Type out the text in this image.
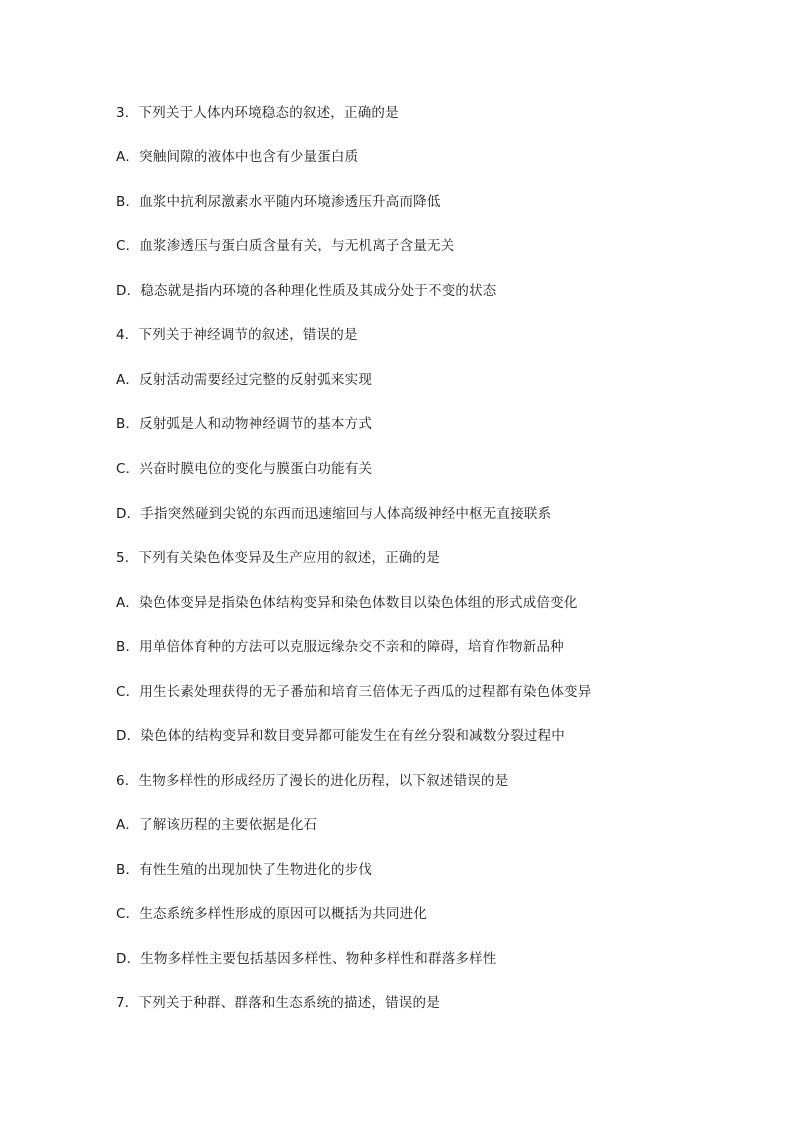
3．下列关于人体内环境稳态的叙述，正确的是
A．突触间隙的液体中也含有少量蛋白质
B．血浆中抗利尿激素水平随内环境渗透压升高而降低
C．血浆渗透压与蛋白质含量有关，与无机离子含量无关
D．稳态就是指内环境的各种理化性质及其成分处于不变的状态
4．下列关于神经调节的叙述，错误的是
A．反射活动需要经过完整的反射弧来实现
B．反射弧是人和动物神经调节的基本方式
C．兴奋时膜电位的变化与膜蛋白功能有关
D．手指突然碰到尖锐的东西而迅速缩回与人体高级神经中枢无直接联系
5．下列有关染色体变异及生产应用的叙述，正确的是
A．染色体变异是指染色体结构变异和染色体数目以染色体组的形式成倍变化
B．用单倍体育种的方法可以克服远缘杂交不亲和的障碍，培育作物新品种
C．用生长素处理获得的无子番茄和培育三倍体无子西瓜的过程都有染色体变异
D．染色体的结构变异和数目变异都可能发生在有丝分裂和减数分裂过程中
6．生物多样性的形成经历了漫长的进化历程，以下叙述错误的是
A．了解该历程的主要依据是化石
B．有性生殖的出现加快了生物进化的步伐
C．生态系统多样性形成的原因可以概括为共同进化
D．生物多样性主要包括基因多样性、物种多样性和群落多样性
7．下列关于种群、群落和生态系统的描述，错误的是
